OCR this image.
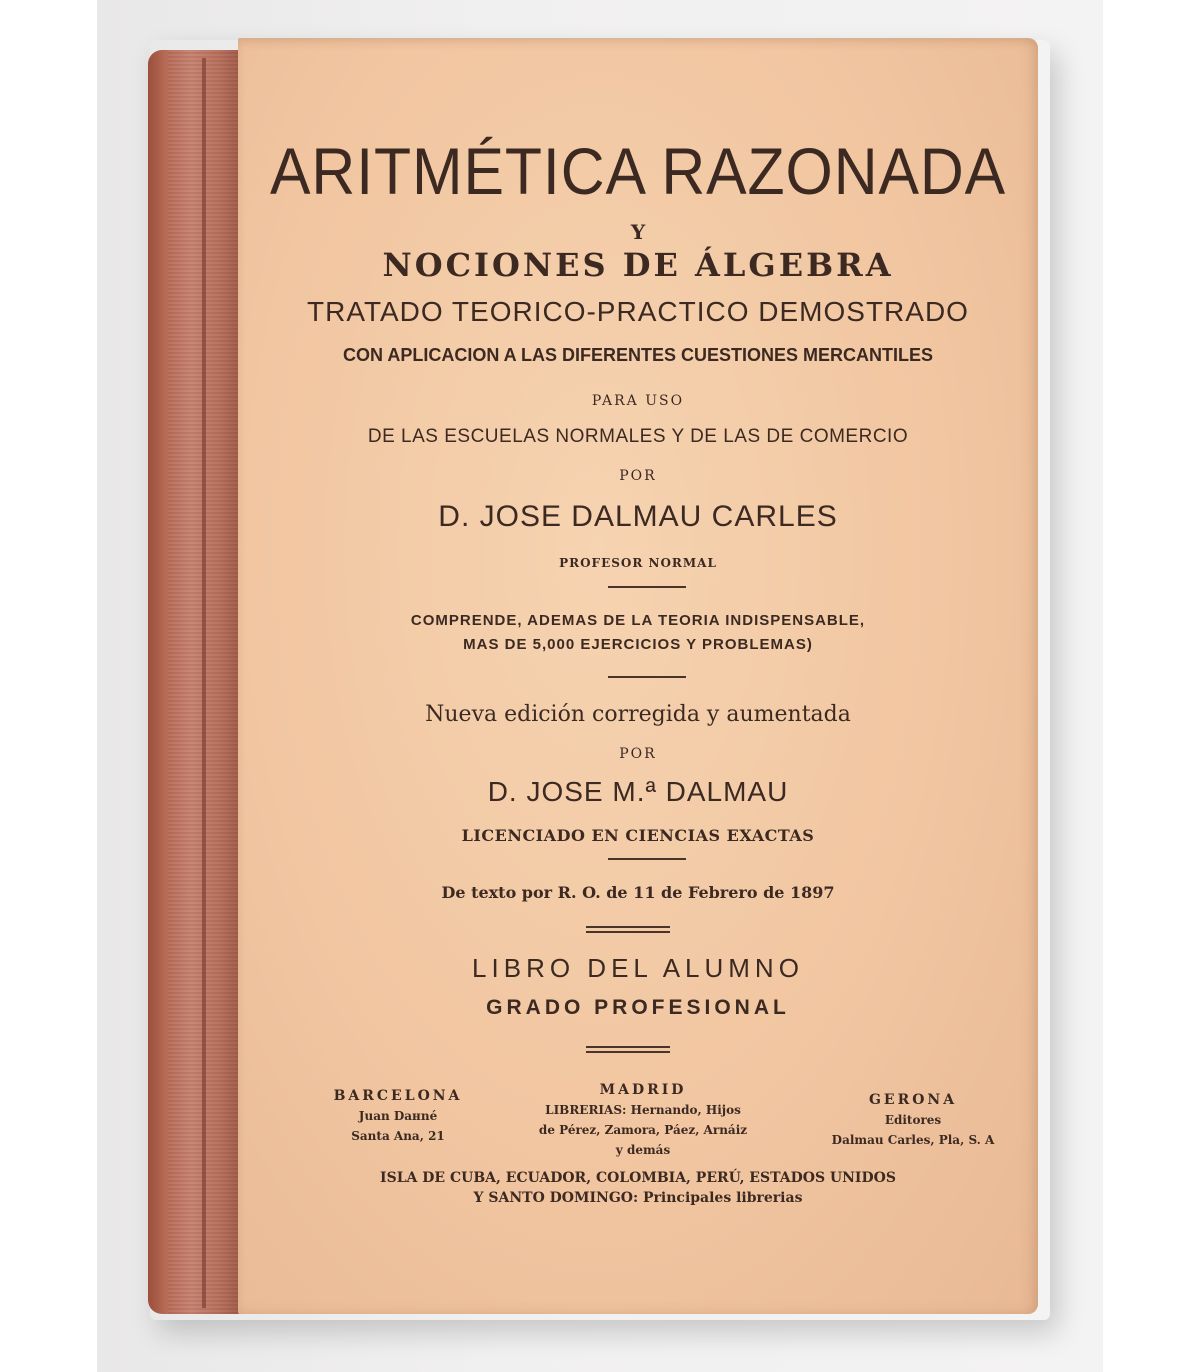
ARITMÉTICA RAZONADA
Y
NOCIONES DE ÁLGEBRA
TRATADO TEORICO-PRACTICO DEMOSTRADO
CON APLICACION A LAS DIFERENTES CUESTIONES MERCANTILES
PARA USO
DE LAS ESCUELAS NORMALES Y DE LAS DE COMERCIO
POR
D. JOSE DALMAU CARLES
PROFESOR NORMAL
COMPRENDE, ADEMAS DE LA TEORIA INDISPENSABLE,
MAS DE 5,000 EJERCICIOS Y PROBLEMAS)
Nueva edición corregida y aumentada
POR
D. JOSE M.ª DALMAU
LICENCIADO EN CIENCIAS EXACTAS
De texto por R. O. de 11 de Febrero de 1897
LIBRO DEL ALUMNO
GRADO PROFESIONAL
BARCELONA
Juan Daнné
Santa Ana, 21
MADRID
LIBRERIAS: Hernando, Hijos
de Pérez, Zamora, Páez, Arnáiz
y demás
GERONA
Editores
Dalmau Carles, Pla, S. A
ISLA DE CUBA, ECUADOR, COLOMBIA, PERÚ, ESTADOS UNIDOS
Y SANTO DOMINGO: Principales librerias
